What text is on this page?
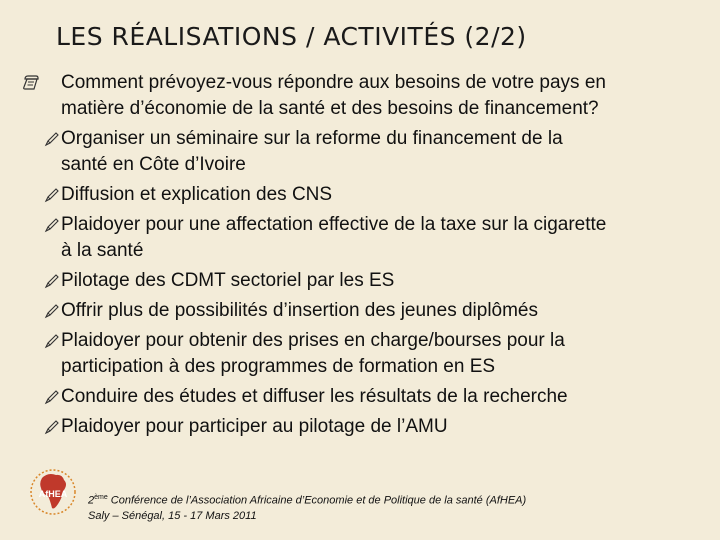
LES RÉALISATIONS / ACTIVITÉS (2/2)
Comment prévoyez-vous répondre aux besoins de votre pays en
matière d’économie de la santé et des besoins de financement?
Organiser un séminaire sur la reforme du financement de la
santé en Côte d’Ivoire
Diffusion et explication des CNS
Plaidoyer pour une affectation effective de la taxe sur la cigarette
à la santé
Pilotage des CDMT sectoriel par les ES
Offrir plus de possibilités d’insertion des jeunes diplômés
Plaidoyer pour obtenir des prises en charge/bourses pour la
participation à des programmes de formation en ES
Conduire des études et diffuser les résultats de la recherche
Plaidoyer pour participer au pilotage de l’AMU
AfHEA
2ème Conférence de l’Association Africaine d’Economie et de Politique de la santé (AfHEA)
Saly – Sénégal, 15 - 17 Mars 2011
